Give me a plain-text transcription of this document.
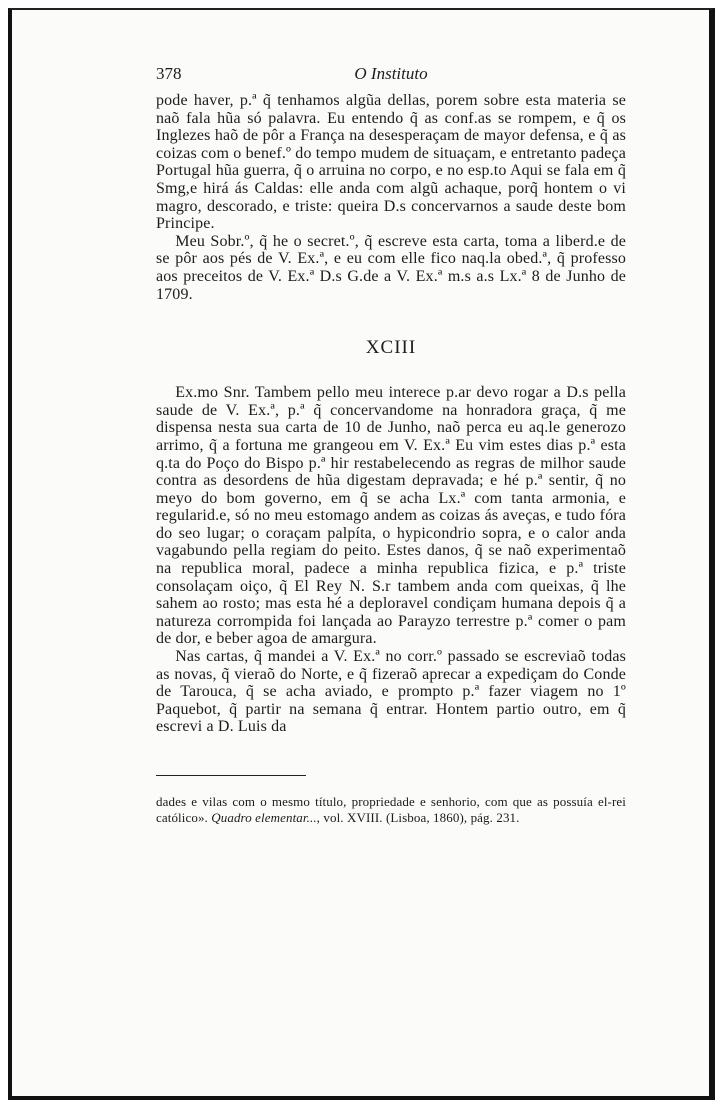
378	O Instituto

pode haver, p.ª q̃ tenhamos algũa dellas, porem sobre esta materia se naõ fala hũa só palavra. Eu entendo q̃ as conf.as se rompem, e q̃ os Inglezes haõ de pôr a França na desesperaçam de mayor defensa, e q̃ as coizas com o benef.º do tempo mudem de situaçam, e entretanto padeça Portugal hũa guerra, q̃ o arruina no corpo, e no esp.to Aqui se fala em q̃ Smg,e hirá ás Caldas: elle anda com algũ achaque, porq̃ hontem o vi magro, descorado, e triste: queira D.s concervarnos a saude deste bom Principe.

Meu Sobr.º, q̃ he o secret.º, q̃ escreve esta carta, toma a liberd.e de se pôr aos pés de V. Ex.ª, e eu com elle fico naq.la obed.ª, q̃ professo aos preceitos de V. Ex.ª D.s G.de a V. Ex.ª m.s a.s Lx.ª 8 de Junho de 1709.

XCIII

Ex.mo Snr. Tambem pello meu interece p.ar devo rogar a D.s pella saude de V. Ex.ª, p.ª q̃ concervandome na honradora graça, q̃ me dispensa nesta sua carta de 10 de Junho, naõ perca eu aq.le generozo arrimo, q̃ a fortuna me grangeou em V. Ex.ª Eu vim estes dias p.ª esta q.ta do Poço do Bispo p.ª hir restabelecendo as regras de milhor saude contra as desordens de hũa digestam depravada; e hé p.ª sentir, q̃ no meyo do bom governo, em q̃ se acha Lx.ª com tanta armonia, e regularid.e, só no meu estomago andem as coizas ás aveças, e tudo fóra do seo lugar; o coraçam palpíta, o hypicondrio sopra, e o calor anda vagabundo pella regiam do peito. Estes danos, q̃ se naõ experimentaõ na republica moral, padece a minha republica fizica, e p.ª triste consolaçam oiço, q̃ El Rey N. S.r tambem anda com queixas, q̃ lhe sahem ao rosto; mas esta hé a deploravel condiçam humana depois q̃ a natureza corrompida foi lançada ao Parayzo terrestre p.ª comer o pam de dor, e beber agoa de amargura.

Nas cartas, q̃ mandei a V. Ex.ª no corr.º passado se escreviaõ todas as novas, q̃ vieraõ do Norte, e q̃ fizeraõ aprecar a expediçam do Conde de Tarouca, q̃ se acha aviado, e prompto p.ª fazer viagem no 1º Paquebot, q̃ partir na semana q̃ entrar. Hontem partio outro, em q̃ escrevi a D. Luis da

dades e vilas com o mesmo título, propriedade e senhorio, com que as possuía el-rei católico». Quadro elementar..., vol. XVIII. (Lisboa, 1860), pág. 231.
